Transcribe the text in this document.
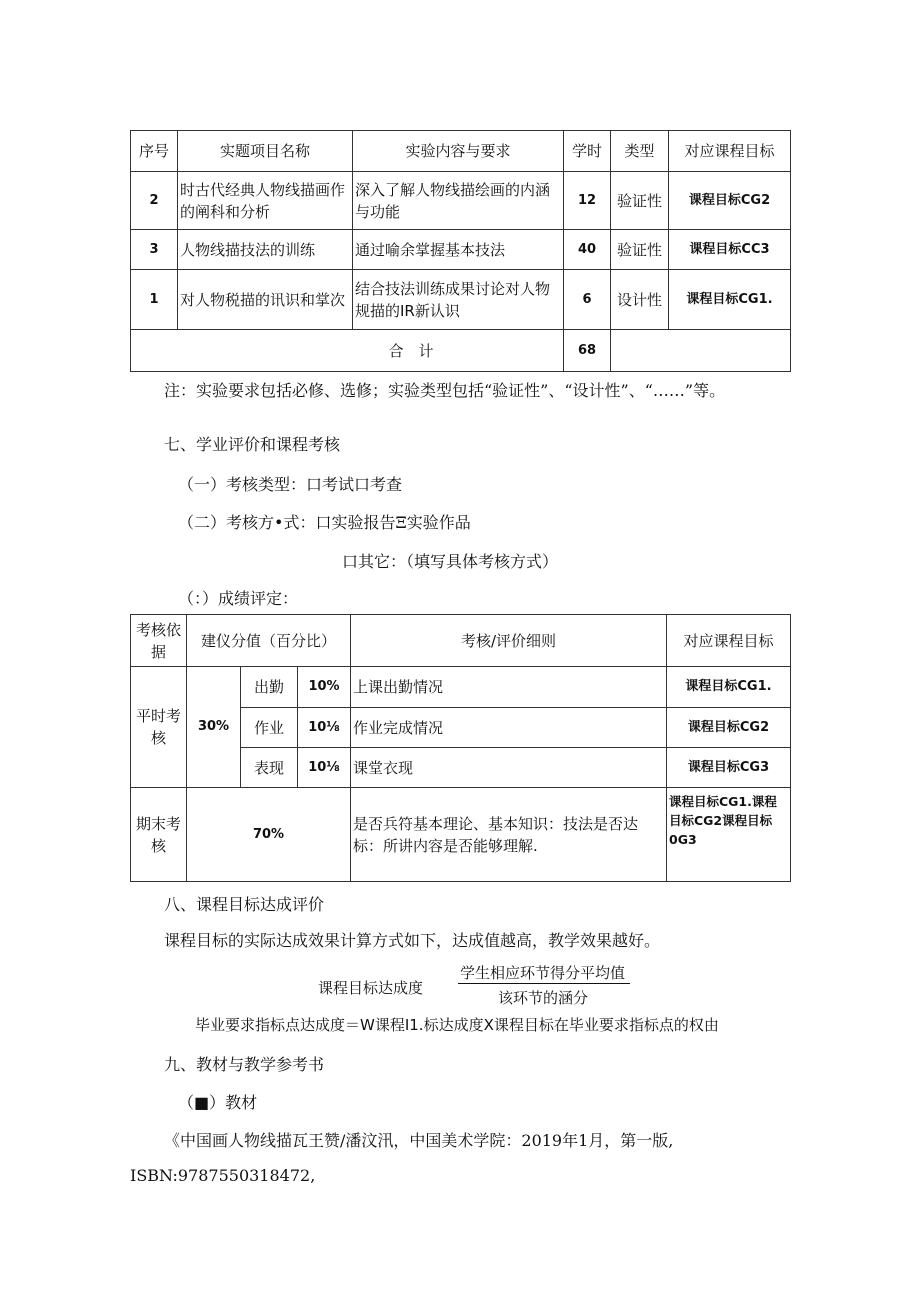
序号	实题项目名称	实验内容与要求	学时	类型	对应课程目标
2	时古代经典人物线描画作的阐科和分析	深入了解人物线描绘画的内涵与功能	12	验证性	课程目标CG2
3	人物线描技法的训练	通过喻余掌握基本技法	40	验证性	课程目标CC3
1	对人物税描的讯识和掌次	结合技法训练成果讨论对人物规描的IR新认识	6	设计性	课程目标CG1.
合　计			68		
注：实验要求包括必修、选修；实验类型包括“验证性”、“设计性”、“……”等。
七、学业评价和课程考核
（一）考核类型：口考试口考查
（二）考核方•式：口实验报告Ξ实验作品
口其它：（填写具体考核方式）
（：）成绩评定：
考核依据	建仪分值（百分比）			考核/评价细则	对应课程目标
平时考核	30%	出勤	10%	上课出勤情况	课程目标CG1.
		作业	10⅛	作业完成情况	课程目标CG2
		表现	10⅛	课堂衣现	课程目标CG3
期末考核	70%			是否兵符基本理论、基本知识：技法是否达标：所讲内容是否能够理解.	课程目标CG1.课程目标CG2课程目标0G3
八、课程目标达成评价
课程目标的实际达成效果计算方式如下，达成值越高，教学效果越好。
课程目标达成度
学生相应环节得分平均值
该环节的涵分
毕业要求指标点达成度＝W课程I1.标达成度X课程目标在毕业要求指标点的权由
九、教材与教学参考书
（■）教材
《中国画人物线描瓦王赞/潘汶汛，中国美术学院：2019年1月，第一版,
ISBN:9787550318472,
